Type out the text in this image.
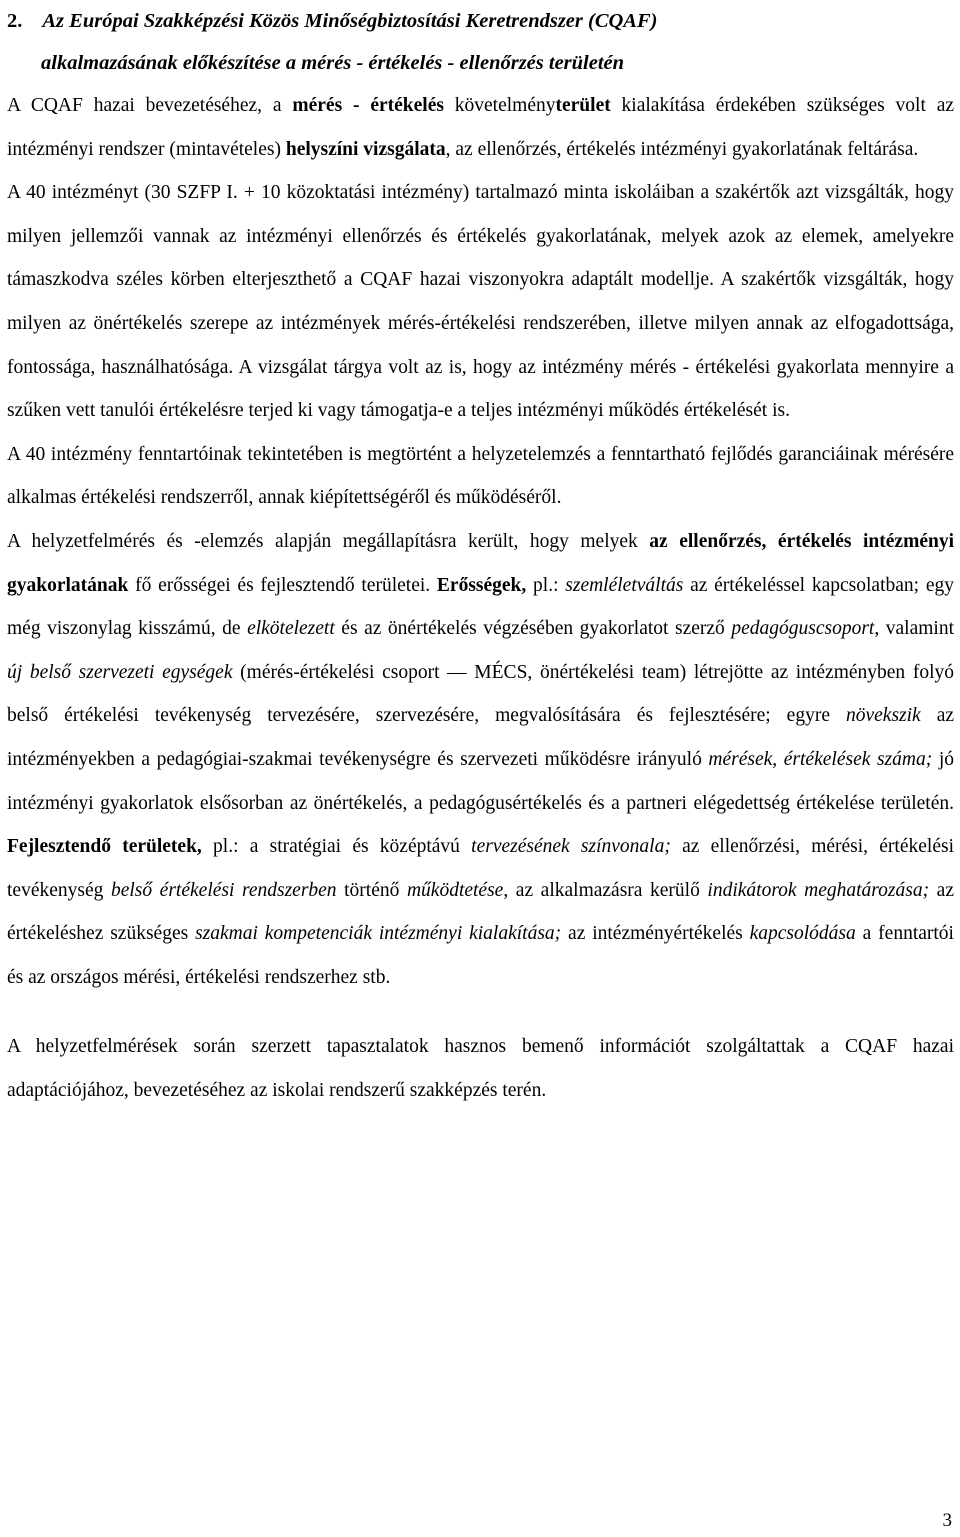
2. Az Európai Szakképzési Közös Minőségbiztosítási Keretrendszer (CQAF)
alkalmazásának előkészítése a mérés - értékelés - ellenőrzés területén

A CQAF hazai bevezetéséhez, a mérés - értékelés követelményterület kialakítása érdekében szükséges volt az intézményi rendszer (mintavételes) helyszíni vizsgálata, az ellenőrzés, értékelés intézményi gyakorlatának feltárása.

A 40 intézményt (30 SZFP I. + 10 közoktatási intézmény) tartalmazó minta iskoláiban a szakértők azt vizsgálták, hogy milyen jellemzői vannak az intézményi ellenőrzés és értékelés gyakorlatának, melyek azok az elemek, amelyekre támaszkodva széles körben elterjeszthető a CQAF hazai viszonyokra adaptált modellje. A szakértők vizsgálták, hogy milyen az önértékelés szerepe az intézmények mérés-értékelési rendszerében, illetve milyen annak az elfogadottsága, fontossága, használhatósága. A vizsgálat tárgya volt az is, hogy az intézmény mérés - értékelési gyakorlata mennyire a szűken vett tanulói értékelésre terjed ki vagy támogatja-e a teljes intézményi működés értékelését is.

A 40 intézmény fenntartóinak tekintetében is megtörtént a helyzetelemzés a fenntartható fejlődés garanciáinak mérésére alkalmas értékelési rendszerről, annak kiépítettségéről és működéséről.

A helyzetfelmérés és -elemzés alapján megállapításra került, hogy melyek az ellenőrzés, értékelés intézményi gyakorlatának fő erősségei és fejlesztendő területei. Erősségek, pl.: szemléletváltás az értékeléssel kapcsolatban; egy még viszonylag kisszámú, de elkötelezett és az önértékelés végzésében gyakorlatot szerző pedagóguscsoport, valamint új belső szervezeti egységek (mérés-értékelési csoport ― MÉCS, önértékelési team) létrejötte az intézményben folyó belső értékelési tevékenység tervezésére, szervezésére, megvalósítására és fejlesztésére; egyre növekszik az intézményekben a pedagógiai-szakmai tevékenységre és szervezeti működésre irányuló mérések, értékelések száma; jó intézményi gyakorlatok elsősorban az önértékelés, a pedagógusértékelés és a partneri elégedettség értékelése területén. Fejlesztendő területek, pl.: a stratégiai és középtávú tervezésének színvonala; az ellenőrzési, mérési, értékelési tevékenység belső értékelési rendszerben történő működtetése, az alkalmazásra kerülő indikátorok meghatározása; az értékeléshez szükséges szakmai kompetenciák intézményi kialakítása; az intézményértékelés kapcsolódása a fenntartói és az országos mérési, értékelési rendszerhez stb.

A helyzetfelmérések során szerzett tapasztalatok hasznos bemenő információt szolgáltattak a CQAF hazai adaptációjához, bevezetéséhez az iskolai rendszerű szakképzés terén.

3
